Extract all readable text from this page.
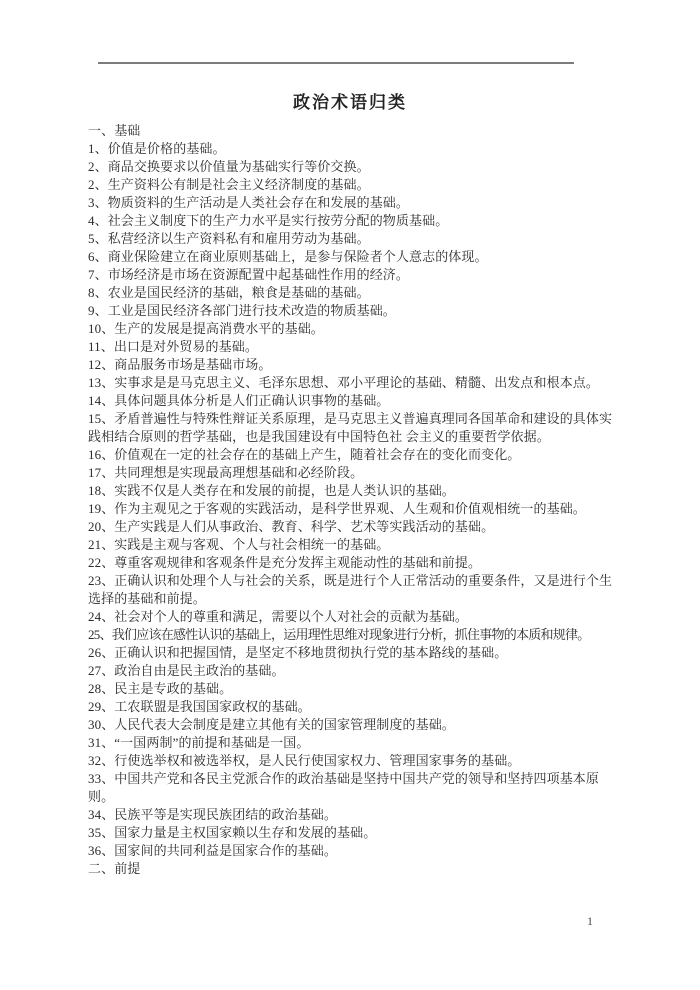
政治术语归类
一、基础
1、价值是价格的基础。
2、商品交换要求以价值量为基础实行等价交换。
2、生产资料公有制是社会主义经济制度的基础。
3、物质资料的生产活动是人类社会存在和发展的基础。
4、社会主义制度下的生产力水平是实行按劳分配的物质基础。
5、私营经济以生产资料私有和雇用劳动为基础。
6、商业保险建立在商业原则基础上，是参与保险者个人意志的体现。
7、市场经济是市场在资源配置中起基础性作用的经济。
8、农业是国民经济的基础，粮食是基础的基础。
9、工业是国民经济各部门进行技术改造的物质基础。
10、生产的发展是提高消费水平的基础。
11、出口是对外贸易的基础。
12、商品服务市场是基础市场。
13、实事求是是马克思主义、毛泽东思想、邓小平理论的基础、精髓、出发点和根本点。
14、具体问题具体分析是人们正确认识事物的基础。
15、矛盾普遍性与特殊性辩证关系原理，是马克思主义普遍真理同各国革命和建设的具体实
践相结合原则的哲学基础，也是我国建设有中国特色社 会主义的重要哲学依据。
16、价值观在一定的社会存在的基础上产生，随着社会存在的变化而变化。
17、共同理想是实现最高理想基础和必经阶段。
18、实践不仅是人类存在和发展的前提，也是人类认识的基础。
19、作为主观见之于客观的实践活动，是科学世界观、人生观和价值观相统一的基础。
20、生产实践是人们从事政治、教育、科学、艺术等实践活动的基础。
21、实践是主观与客观、个人与社会相统一的基础。
22、尊重客观规律和客观条件是充分发挥主观能动性的基础和前提。
23、正确认识和处理个人与社会的关系，既是进行个人正常活动的重要条件，又是进行个生
选择的基础和前提。
24、社会对个人的尊重和满足，需要以个人对社会的贡献为基础。
25、我们应该在感性认识的基础上，运用理性思维对现象进行分析，抓住事物的本质和规律。
26、正确认识和把握国情，是坚定不移地贯彻执行党的基本路线的基础。
27、政治自由是民主政治的基础。
28、民主是专政的基础。
29、工农联盟是我国国家政权的基础。
30、人民代表大会制度是建立其他有关的国家管理制度的基础。
31、“一国两制”的前提和基础是一国。
32、行使选举权和被选举权，是人民行使国家权力、管理国家事务的基础。
33、中国共产党和各民主党派合作的政治基础是坚持中国共产党的领导和坚持四项基本原
则。
34、民族平等是实现民族团结的政治基础。
35、国家力量是主权国家赖以生存和发展的基础。
36、国家间的共同利益是国家合作的基础。
二、前提
1
